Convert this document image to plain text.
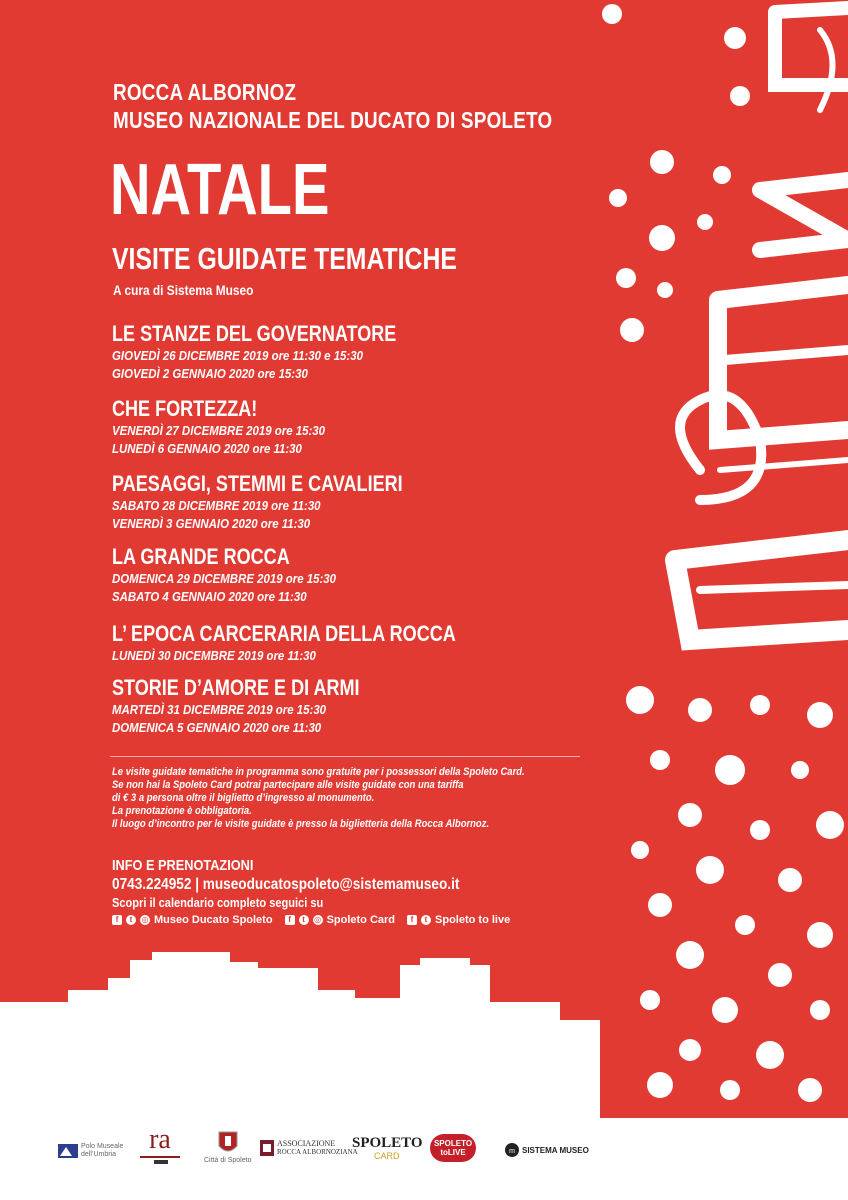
ROCCA ALBORNOZ
MUSEO NAZIONALE DEL DUCATO DI SPOLETO
NATALE
VISITE GUIDATE TEMATICHE
A cura di Sistema Museo
LE STANZE DEL GOVERNATORE
GIOVEDÌ 26 DICEMBRE 2019 ore 11:30 e 15:30
GIOVEDÌ 2 GENNAIO 2020 ore 15:30
CHE FORTEZZA!
VENERDÌ 27 DICEMBRE 2019 ore 15:30
LUNEDÌ 6 GENNAIO 2020 ore 11:30
PAESAGGI, STEMMI E CAVALIERI
SABATO 28 DICEMBRE 2019 ore 11:30
VENERDÌ 3 GENNAIO 2020 ore 11:30
LA GRANDE ROCCA
DOMENICA 29 DICEMBRE 2019 ore 15:30
SABATO 4 GENNAIO 2020 ore 11:30
L’ EPOCA CARCERARIA DELLA ROCCA
LUNEDÌ 30 DICEMBRE 2019 ore 11:30
STORIE D’AMORE E DI ARMI
MARTEDÌ 31 DICEMBRE 2019 ore 15:30
DOMENICA 5 GENNAIO 2020 ore 11:30
Le visite guidate tematiche in programma sono gratuite per i possessori della Spoleto Card.
Se non hai la Spoleto Card potrai partecipare alle visite guidate con una tariffa
di € 3 a persona oltre il biglietto d’ingresso al monumento.
La prenotazione è obbligatoria.
Il luogo d’incontro per le visite guidate è presso la biglietteria della Rocca Albornoz.
INFO E PRENOTAZIONI
0743.224952 | museoducatospoleto@sistemamuseo.it
Scopri il calendario completo seguici su
f	t	◎ Museo Ducato Spoleto	f	t	◎ Spoleto Card	f	t Spoleto to live
Polo Museale dell’Umbria	ra
Città di Spoleto
ASSOCIAZIONE
ROCCA ALBORNOZIANA
SPOLETO
CARD
SPOLETO
toLIVE	m SISTEMA MUSEO
